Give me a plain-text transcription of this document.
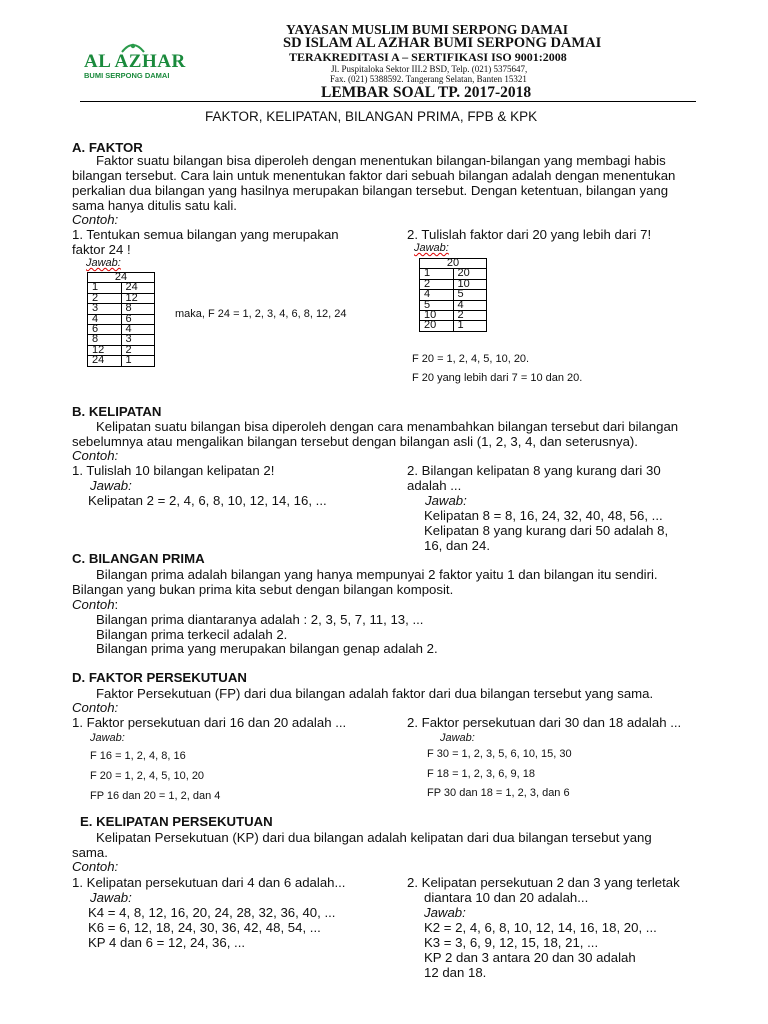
AL AZHAR
BUMI SERPONG DAMAI
YAYASAN MUSLIM BUMI SERPONG DAMAI
SD ISLAM AL AZHAR BUMI SERPONG DAMAI
TERAKREDITASI A – SERTIFIKASI ISO 9001:2008
Jl. Puspitaloka Sektor III.2 BSD, Telp. (021) 5375647,
Fax. (021) 5388592. Tangerang Selatan, Banten 15321
LEMBAR SOAL TP. 2017-2018
FAKTOR, KELIPATAN, BILANGAN PRIMA, FPB & KPK
A. FAKTOR
Faktor suatu bilangan bisa diperoleh dengan menentukan bilangan-bilangan yang membagi habis
bilangan tersebut. Cara lain untuk menentukan faktor dari sebuah bilangan adalah dengan menentukan
perkalian dua bilangan yang hasilnya merupakan bilangan tersebut. Dengan ketentuan, bilangan yang
sama hanya ditulis satu kali.
Contoh:
1. Tentukan semua bilangan yang merupakan
faktor 24 !
2. Tulislah faktor dari 20 yang lebih dari 7!
Jawab:
Jawab:
24	
1	24
2	12
3	8
4	6
6	4
8	3
12	2
24	1
maka, F 24 = 1, 2, 3, 4, 6, 8, 12, 24
20	
1	20
2	10
4	5
5	4
10	2
20	1
F 20 = 1, 2, 4, 5, 10, 20.
F 20 yang lebih dari 7 = 10 dan 20.
B. KELIPATAN
Kelipatan suatu bilangan bisa diperoleh dengan cara menambahkan bilangan tersebut dari bilangan
sebelumnya atau mengalikan bilangan tersebut dengan bilangan asli (1, 2, 3, 4, dan seterusnya).
Contoh:
1. Tulislah 10 bilangan kelipatan 2!
Jawab:
Kelipatan 2 = 2, 4, 6, 8, 10, 12, 14, 16, ...
2. Bilangan kelipatan 8 yang kurang dari 30
adalah ...
Jawab:
Kelipatan 8 = 8, 16, 24, 32, 40, 48, 56, ...
Kelipatan 8 yang kurang dari 50 adalah 8,
16, dan 24.
C. BILANGAN PRIMA
Bilangan prima adalah bilangan yang hanya mempunyai 2 faktor yaitu 1 dan bilangan itu sendiri.
Bilangan yang bukan prima kita sebut dengan bilangan komposit.
Contoh:
Bilangan prima diantaranya adalah : 2, 3, 5, 7, 11, 13, ...
Bilangan prima terkecil adalah 2.
Bilangan prima yang merupakan bilangan genap adalah 2.
D. FAKTOR PERSEKUTUAN
Faktor Persekutuan (FP) dari dua bilangan adalah faktor dari dua bilangan tersebut yang sama.
Contoh:
1. Faktor persekutuan dari 16 dan 20 adalah ...	2. Faktor persekutuan dari 30 dan 18 adalah ...
Jawab:	Jawab:
F 16 = 1, 2, 4, 8, 16
F 20 = 1, 2, 4, 5, 10, 20
FP 16 dan 20 = 1, 2, dan 4
F 30 = 1, 2, 3, 5, 6, 10, 15, 30
F 18 = 1, 2, 3, 6, 9, 18
FP 30 dan 18 = 1, 2, 3, dan 6
E. KELIPATAN PERSEKUTUAN
Kelipatan Persekutuan (KP) dari dua bilangan adalah kelipatan dari dua bilangan tersebut yang
sama.
Contoh:
1. Kelipatan persekutuan dari 4 dan 6 adalah...
Jawab:
K4 = 4, 8, 12, 16, 20, 24, 28, 32, 36, 40, ...
K6 = 6, 12, 18, 24, 30, 36, 42, 48, 54, ...
KP 4 dan 6 = 12, 24, 36, ...
2. Kelipatan persekutuan 2 dan 3 yang terletak
diantara 10 dan 20 adalah...
Jawab:
K2 = 2, 4, 6, 8, 10, 12, 14, 16, 18, 20, ...
K3 = 3, 6, 9, 12, 15, 18, 21, ...
KP 2 dan 3 antara 20 dan 30 adalah
12 dan 18.
